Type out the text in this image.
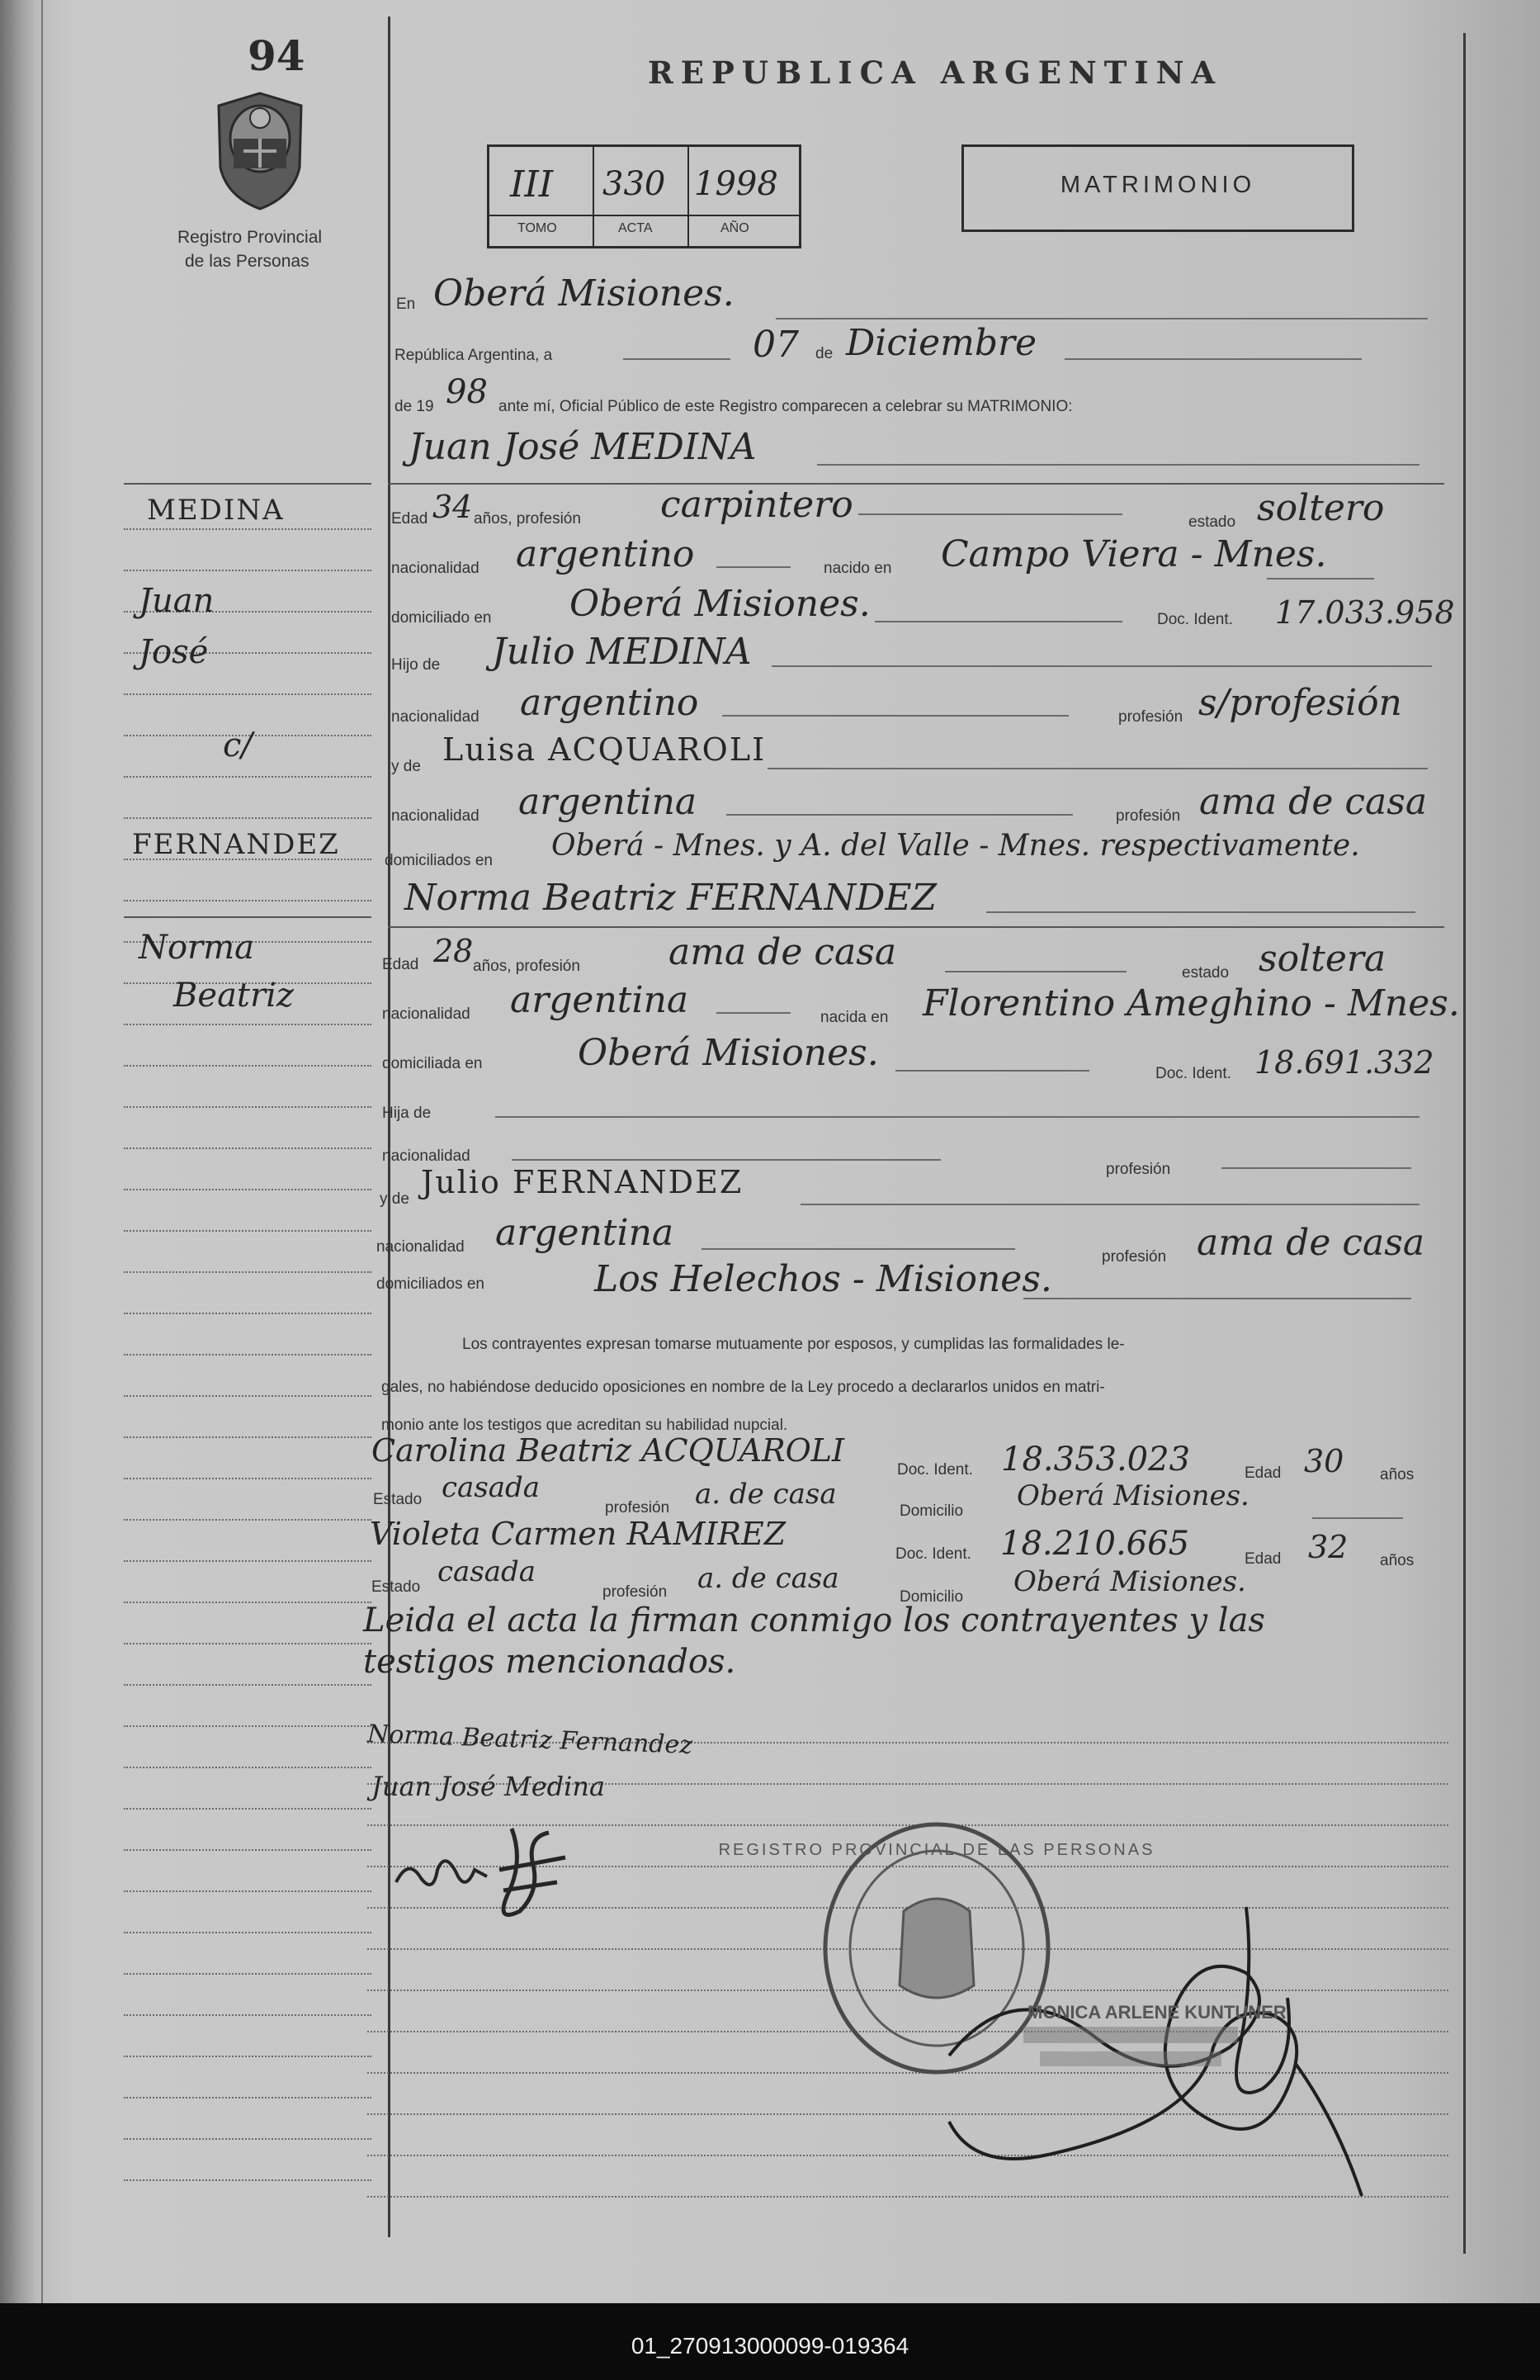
94
Registro Provincial
de las Personas
REPUBLICA ARGENTINA
III 330 1998
TOMO	ACTA	AÑO
MATRIMONIO
MEDINA
Juan
José
c/
FERNANDEZ
Norma
Beatriz
En Oberá Misiones.
República Argentina, a	07 de Diciembre
de 19 98 ante mí, Oficial Público de este Registro comparecen a celebrar su MATRIMONIO:
Juan José MEDINA
Edad 34 años, profesión carpintero	estado soltero
nacionalidad argentino	nacido en Campo Viera - Mnes.
domiciliado en Oberá Misiones.	Doc. Ident. 17.033.958
Hijo de Julio MEDINA
nacionalidad argentino	profesión s/profesión
y de Luisa ACQUAROLI
nacionalidad argentina	profesión ama de casa
domiciliados en Oberá - Mnes. y A. del Valle - Mnes. respectivamente.
Norma Beatriz FERNANDEZ
Edad 28 años, profesión ama de casa	estado soltera
nacionalidad argentina	nacida en Florentino Ameghino - Mnes.
domiciliada en	Oberá Misiones.	Doc. Ident. 18.691.332
Hija de
nacionalidad
profesión
y de Julio FERNANDEZ
nacionalidad argentina
profesión ama de casa
domiciliados en	Los Helechos - Misiones.
Los contrayentes expresan tomarse mutuamente por esposos, y cumplidas las formalidades le-
gales, no habiéndose deducido oposiciones en nombre de la Ley procedo a declararlos unidos en matri-
monio ante los testigos que acreditan su habilidad nupcial.
Carolina Beatriz ACQUAROLI
Doc. Ident. 18.353.023	Edad 30 años
Estado casada
profesión a. de casa
Domicilio Oberá Misiones.
Violeta Carmen RAMIREZ
Doc. Ident. 18.210.665	Edad 32 años
Estado casada
profesión a. de casa
Domicilio Oberá Misiones.
Leida el acta la firman conmigo los contrayentes y las
testigos mencionados.
Norma Beatriz Fernandez
Juan José Medina
REGISTRO PROVINCIAL DE LAS PERSONAS
MONICA ARLENE KUNTUNER
01_270913000099-019364
